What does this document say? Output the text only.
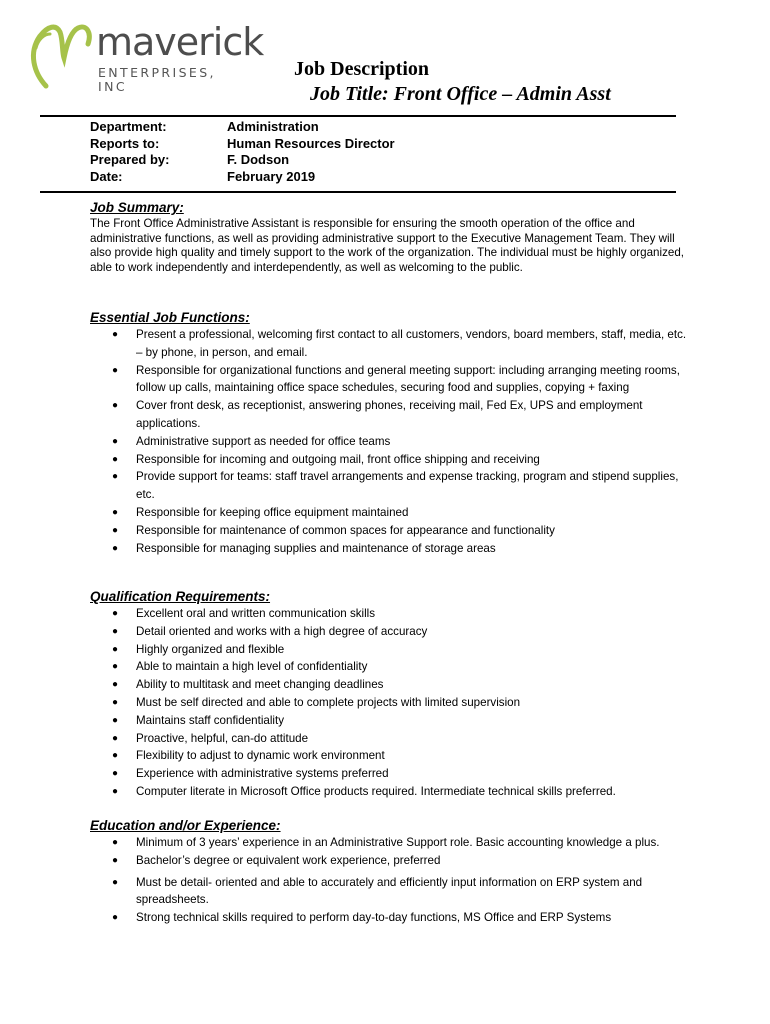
maverick
ENTERPRISES, INC
Job Description
Job Title: Front Office – Admin Asst
Department:	Administration
Reports to:	Human Resources Director
Prepared by:	F. Dodson
Date:	February 2019
Job Summary:

The Front Office Administrative Assistant is responsible for ensuring the smooth operation of the office and administrative functions, as well as providing administrative support to the Executive Management Team. They will also provide high quality and timely support to the work of the organization. The individual must be highly organized, able to work independently and interdependently, as well as welcoming to the public.

Essential Job Functions:
● Present a professional, welcoming first contact to all customers, vendors, board members, staff, media, etc. – by phone, in person, and email.
● Responsible for organizational functions and general meeting support: including arranging meeting rooms, follow up calls, maintaining office space schedules, securing food and supplies, copying + faxing
● Cover front desk, as receptionist, answering phones, receiving mail, Fed Ex, UPS and employment applications.
● Administrative support as needed for office teams
● Responsible for incoming and outgoing mail, front office shipping and receiving
● Provide support for teams: staff travel arrangements and expense tracking, program and stipend supplies, etc.
● Responsible for keeping office equipment maintained
● Responsible for maintenance of common spaces for appearance and functionality
● Responsible for managing supplies and maintenance of storage areas
Qualification Requirements:
● Excellent oral and written communication skills
● Detail oriented and works with a high degree of accuracy
● Highly organized and flexible
● Able to maintain a high level of confidentiality
● Ability to multitask and meet changing deadlines
● Must be self directed and able to complete projects with limited supervision
● Maintains staff confidentiality
● Proactive, helpful, can-do attitude
● Flexibility to adjust to dynamic work environment
● Experience with administrative systems preferred
● Computer literate in Microsoft Office products required. Intermediate technical skills preferred.
Education and/or Experience:
● Minimum of 3 years’ experience in an Administrative Support role. Basic accounting knowledge a plus.
● Bachelor’s degree or equivalent work experience, preferred
● Must be detail- oriented and able to accurately and efficiently input information on ERP system and spreadsheets.
● Strong technical skills required to perform day-to-day functions, MS Office and ERP Systems
